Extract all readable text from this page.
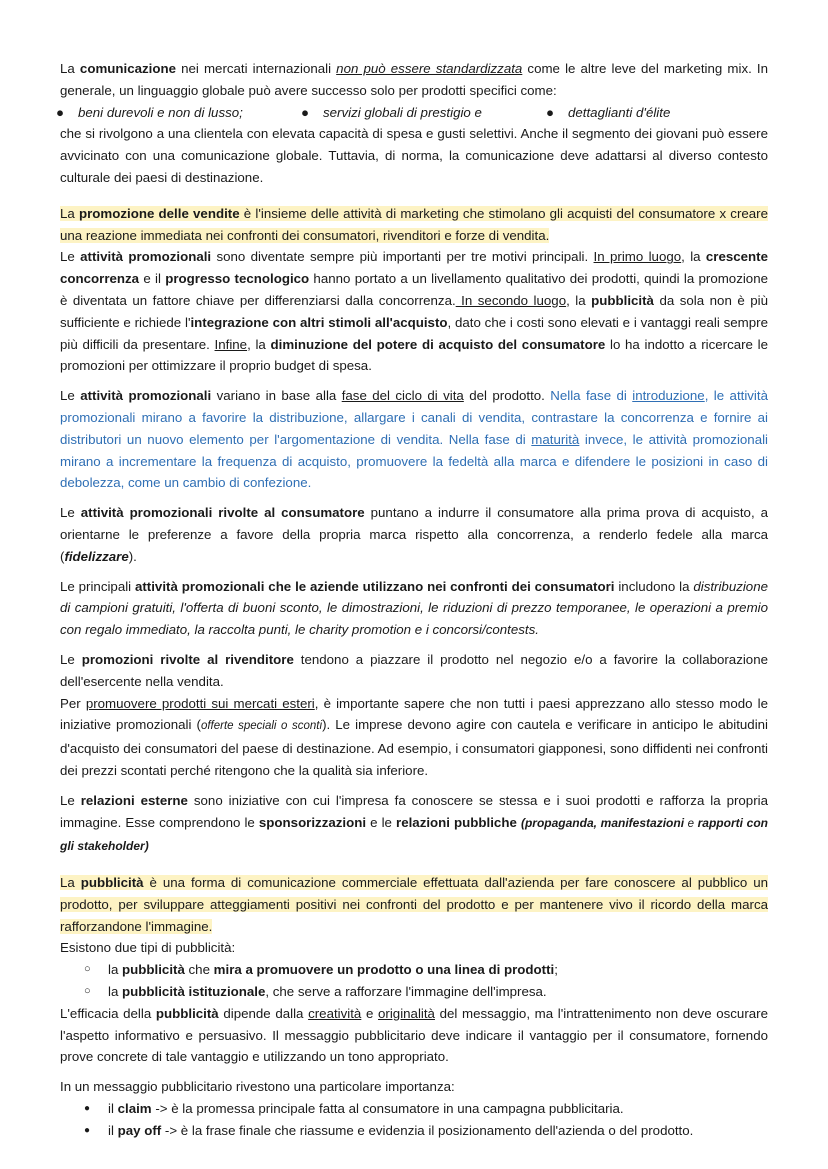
La comunicazione nei mercati internazionali non può essere standardizzata come le altre leve del marketing mix. In generale, un linguaggio globale può avere successo solo per prodotti specifici come:

● beni durevoli e non di lusso;	● servizi globali di prestigio e	● dettaglianti d'élite

che si rivolgono a una clientela con elevata capacità di spesa e gusti selettivi. Anche il segmento dei giovani può essere avvicinato con una comunicazione globale. Tuttavia, di norma, la comunicazione deve adattarsi al diverso contesto culturale dei paesi di destinazione.

La promozione delle vendite è l'insieme delle attività di marketing che stimolano gli acquisti del consumatore x creare una reazione immediata nei confronti dei consumatori, rivenditori e forze di vendita.

Le attività promozionali sono diventate sempre più importanti per tre motivi principali. In primo luogo, la crescente concorrenza e il progresso tecnologico hanno portato a un livellamento qualitativo dei prodotti, quindi la promozione è diventata un fattore chiave per differenziarsi dalla concorrenza. In secondo luogo, la pubblicità da sola non è più sufficiente e richiede l'integrazione con altri stimoli all'acquisto, dato che i costi sono elevati e i vantaggi reali sempre più difficili da presentare. Infine, la diminuzione del potere di acquisto del consumatore lo ha indotto a ricercare le promozioni per ottimizzare il proprio budget di spesa.

Le attività promozionali variano in base alla fase del ciclo di vita del prodotto. Nella fase di introduzione, le attività promozionali mirano a favorire la distribuzione, allargare i canali di vendita, contrastare la concorrenza e fornire ai distributori un nuovo elemento per l'argomentazione di vendita. Nella fase di maturità invece, le attività promozionali mirano a incrementare la frequenza di acquisto, promuovere la fedeltà alla marca e difendere le posizioni in caso di debolezza, come un cambio di confezione.

Le attività promozionali rivolte al consumatore puntano a indurre il consumatore alla prima prova di acquisto, a orientarne le preferenze a favore della propria marca rispetto alla concorrenza, a renderlo fedele alla marca (fidelizzare).

Le principali attività promozionali che le aziende utilizzano nei confronti dei consumatori includono la distribuzione di campioni gratuiti, l'offerta di buoni sconto, le dimostrazioni, le riduzioni di prezzo temporanee, le operazioni a premio con regalo immediato, la raccolta punti, le charity promotion e i concorsi/contests.

Le promozioni rivolte al rivenditore tendono a piazzare il prodotto nel negozio e/o a favorire la collaborazione dell'esercente nella vendita.

Per promuovere prodotti sui mercati esteri, è importante sapere che non tutti i paesi apprezzano allo stesso modo le iniziative promozionali (offerte speciali o sconti). Le imprese devono agire con cautela e verificare in anticipo le abitudini d'acquisto dei consumatori del paese di destinazione. Ad esempio, i consumatori giapponesi, sono diffidenti nei confronti dei prezzi scontati perché ritengono che la qualità sia inferiore.

Le relazioni esterne sono iniziative con cui l'impresa fa conoscere se stessa e i suoi prodotti e rafforza la propria immagine. Esse comprendono le sponsorizzazioni e le relazioni pubbliche (propaganda, manifestazioni e rapporti con gli stakeholder)

La pubblicità è una forma di comunicazione commerciale effettuata dall'azienda per fare conoscere al pubblico un prodotto, per sviluppare atteggiamenti positivi nei confronti del prodotto e per mantenere vivo il ricordo della marca rafforzandone l'immagine.

Esistono due tipi di pubblicità:

○ la pubblicità che mira a promuovere un prodotto o una linea di prodotti;
○ la pubblicità istituzionale, che serve a rafforzare l'immagine dell'impresa.

L'efficacia della pubblicità dipende dalla creatività e originalità del messaggio, ma l'intrattenimento non deve oscurare l'aspetto informativo e persuasivo. Il messaggio pubblicitario deve indicare il vantaggio per il consumatore, fornendo prove concrete di tale vantaggio e utilizzando un tono appropriato.

In un messaggio pubblicitario rivestono una particolare importanza:

● il claim -> è la promessa principale fatta al consumatore in una campagna pubblicitaria.
● il pay off -> è la frase finale che riassume e evidenzia il posizionamento dell'azienda o del prodotto.
